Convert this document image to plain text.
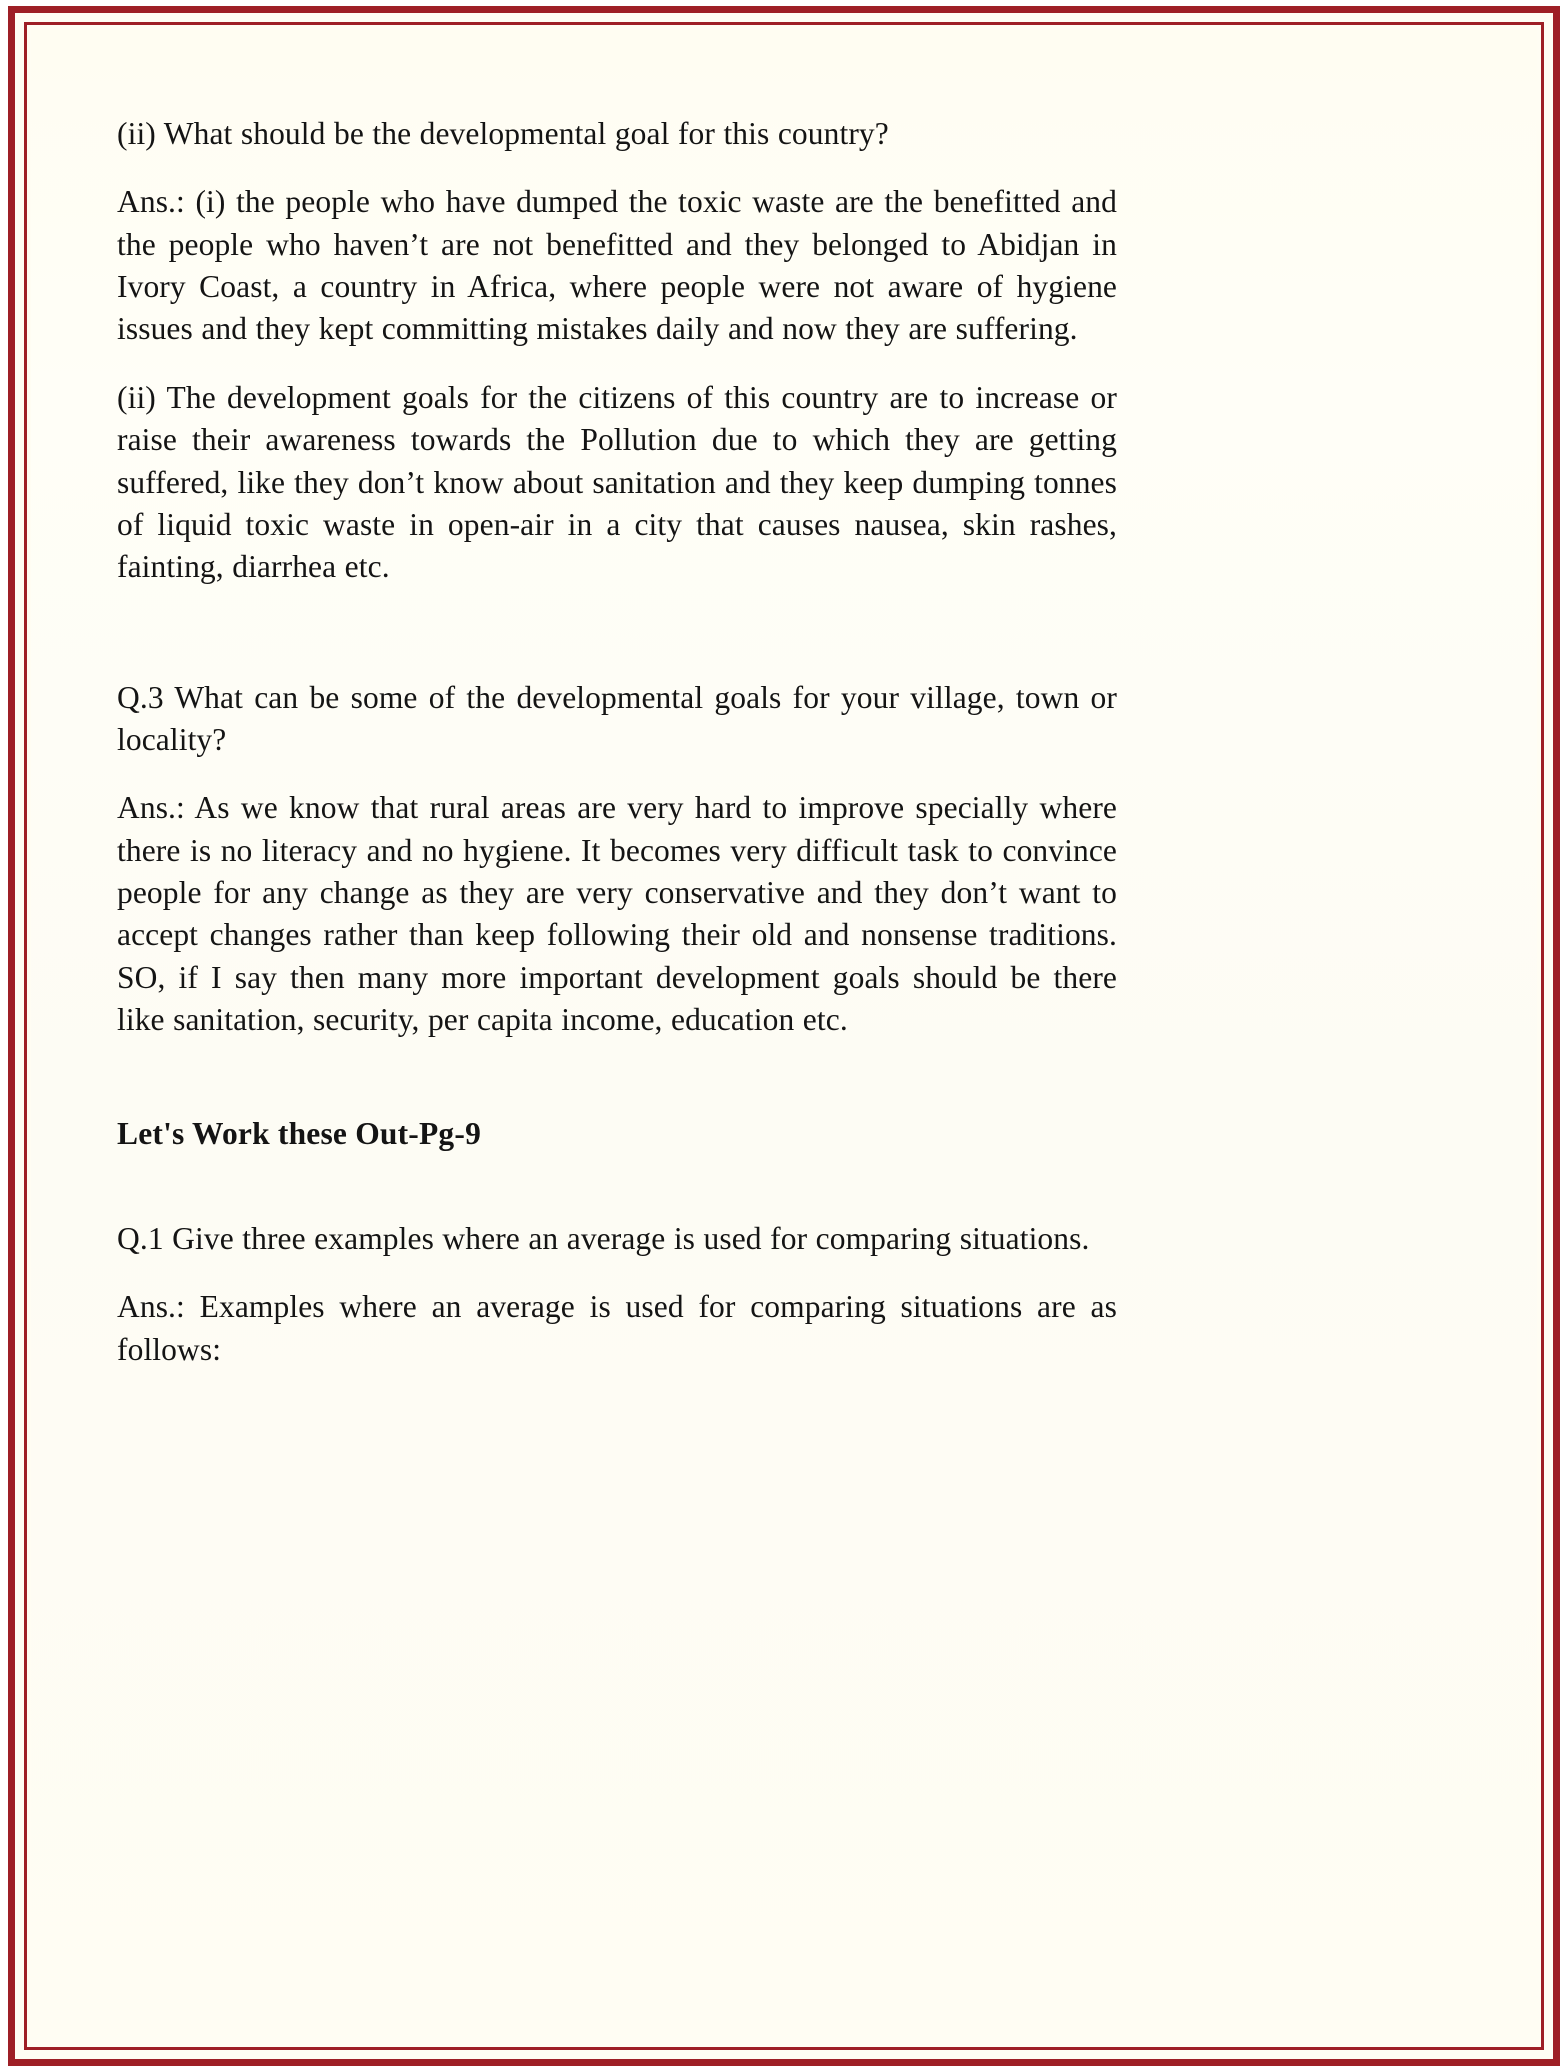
(ii) What should be the developmental goal for this country?

Ans.: (i) the people who have dumped the toxic waste are the benefitted and the people who haven’t are not benefitted and they belonged to Abidjan in Ivory Coast, a country in Africa, where people were not aware of hygiene issues and they kept committing mistakes daily and now they are suffering.

(ii) The development goals for the citizens of this country are to increase or raise their awareness towards the Pollution due to which they are getting suffered, like they don’t know about sanitation and they keep dumping tonnes of liquid toxic waste in open-air in a city that causes nausea, skin rashes, fainting, diarrhea etc.

Q.3 What can be some of the developmental goals for your village, town or locality?

Ans.: As we know that rural areas are very hard to improve specially where there is no literacy and no hygiene. It becomes very difficult task to convince people for any change as they are very conservative and they don’t want to accept changes rather than keep following their old and nonsense traditions. SO, if I say then many more important development goals should be there like sanitation, security, per capita income, education etc.

Let's Work these Out-Pg-9

Q.1 Give three examples where an average is used for comparing situations.

Ans.: Examples where an average is used for comparing situations are as follows:
